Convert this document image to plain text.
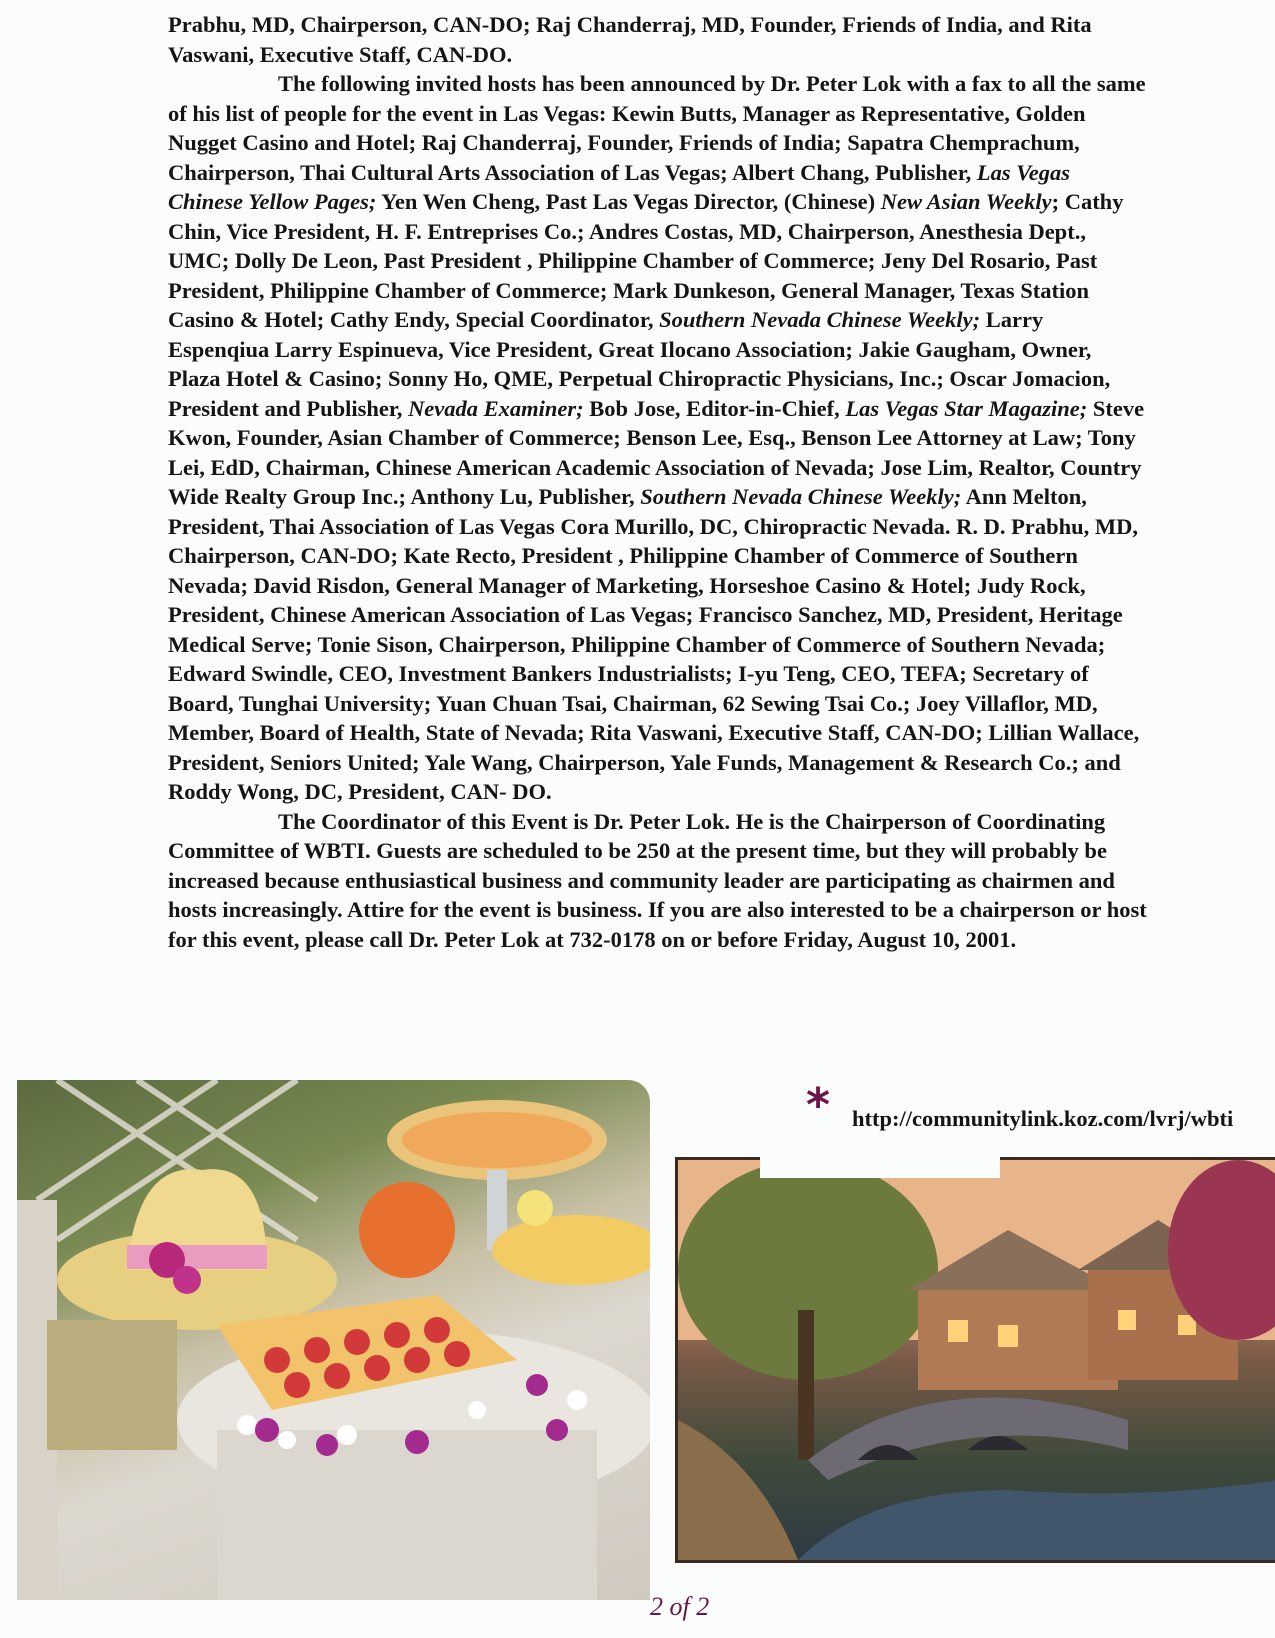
Prabhu, MD, Chairperson, CAN-DO; Raj Chanderraj, MD, Founder, Friends of India, and Rita Vaswani, Executive Staff, CAN-DO.

The following invited hosts has been announced by Dr. Peter Lok with a fax to all the same of his list of people for the event in Las Vegas: Kewin Butts, Manager as Representative, Golden Nugget Casino and Hotel; Raj Chanderraj, Founder, Friends of India; Sapatra Chemprachum, Chairperson, Thai Cultural Arts Association of Las Vegas; Albert Chang, Publisher, Las Vegas Chinese Yellow Pages; Yen Wen Cheng, Past Las Vegas Director, (Chinese) New Asian Weekly; Cathy Chin, Vice President, H. F. Entreprises Co.; Andres Costas, MD, Chairperson, Anesthesia Dept., UMC; Dolly De Leon, Past President , Philippine Chamber of Commerce; Jeny Del Rosario, Past President, Philippine Chamber of Commerce; Mark Dunkeson, General Manager, Texas Station Casino & Hotel; Cathy Endy, Special Coordinator, Southern Nevada Chinese Weekly; Larry Espenqiua Larry Espinueva, Vice President, Great Ilocano Association; Jakie Gaugham, Owner, Plaza Hotel & Casino; Sonny Ho, QME, Perpetual Chiropractic Physicians, Inc.; Oscar Jomacion, President and Publisher, Nevada Examiner; Bob Jose, Editor-in-Chief, Las Vegas Star Magazine; Steve Kwon, Founder, Asian Chamber of Commerce; Benson Lee, Esq., Benson Lee Attorney at Law; Tony Lei, EdD, Chairman, Chinese American Academic Association of Nevada; Jose Lim, Realtor, Country Wide Realty Group Inc.; Anthony Lu, Publisher, Southern Nevada Chinese Weekly; Ann Melton, President, Thai Association of Las Vegas Cora Murillo, DC, Chiropractic Nevada. R. D. Prabhu, MD, Chairperson, CAN-DO; Kate Recto, President , Philippine Chamber of Commerce of Southern Nevada; David Risdon, General Manager of Marketing, Horseshoe Casino & Hotel; Judy Rock, President, Chinese American Association of Las Vegas; Francisco Sanchez, MD, President, Heritage Medical Serve; Tonie Sison, Chairperson, Philippine Chamber of Commerce of Southern Nevada; Edward Swindle, CEO, Investment Bankers Industrialists; I-yu Teng, CEO, TEFA; Secretary of Board, Tunghai University; Yuan Chuan Tsai, Chairman, 62 Sewing Tsai Co.; Joey Villaflor, MD, Member, Board of Health, State of Nevada; Rita Vaswani, Executive Staff, CAN-DO; Lillian Wallace, President, Seniors United; Yale Wang, Chairperson, Yale Funds, Management & Research Co.; and Roddy Wong, DC, President, CAN- DO.

The Coordinator of this Event is Dr. Peter Lok. He is the Chairperson of Coordinating Committee of WBTI. Guests are scheduled to be 250 at the present time, but they will probably be increased because enthusiastical business and community leader are participating as chairmen and hosts increasingly. Attire for the event is business. If you are also interested to be a chairperson or host for this event, please call Dr. Peter Lok at 732-0178 on or before Friday, August 10, 2001.

* http://communitylink.koz.com/lvrj/wbti
2 of 2
